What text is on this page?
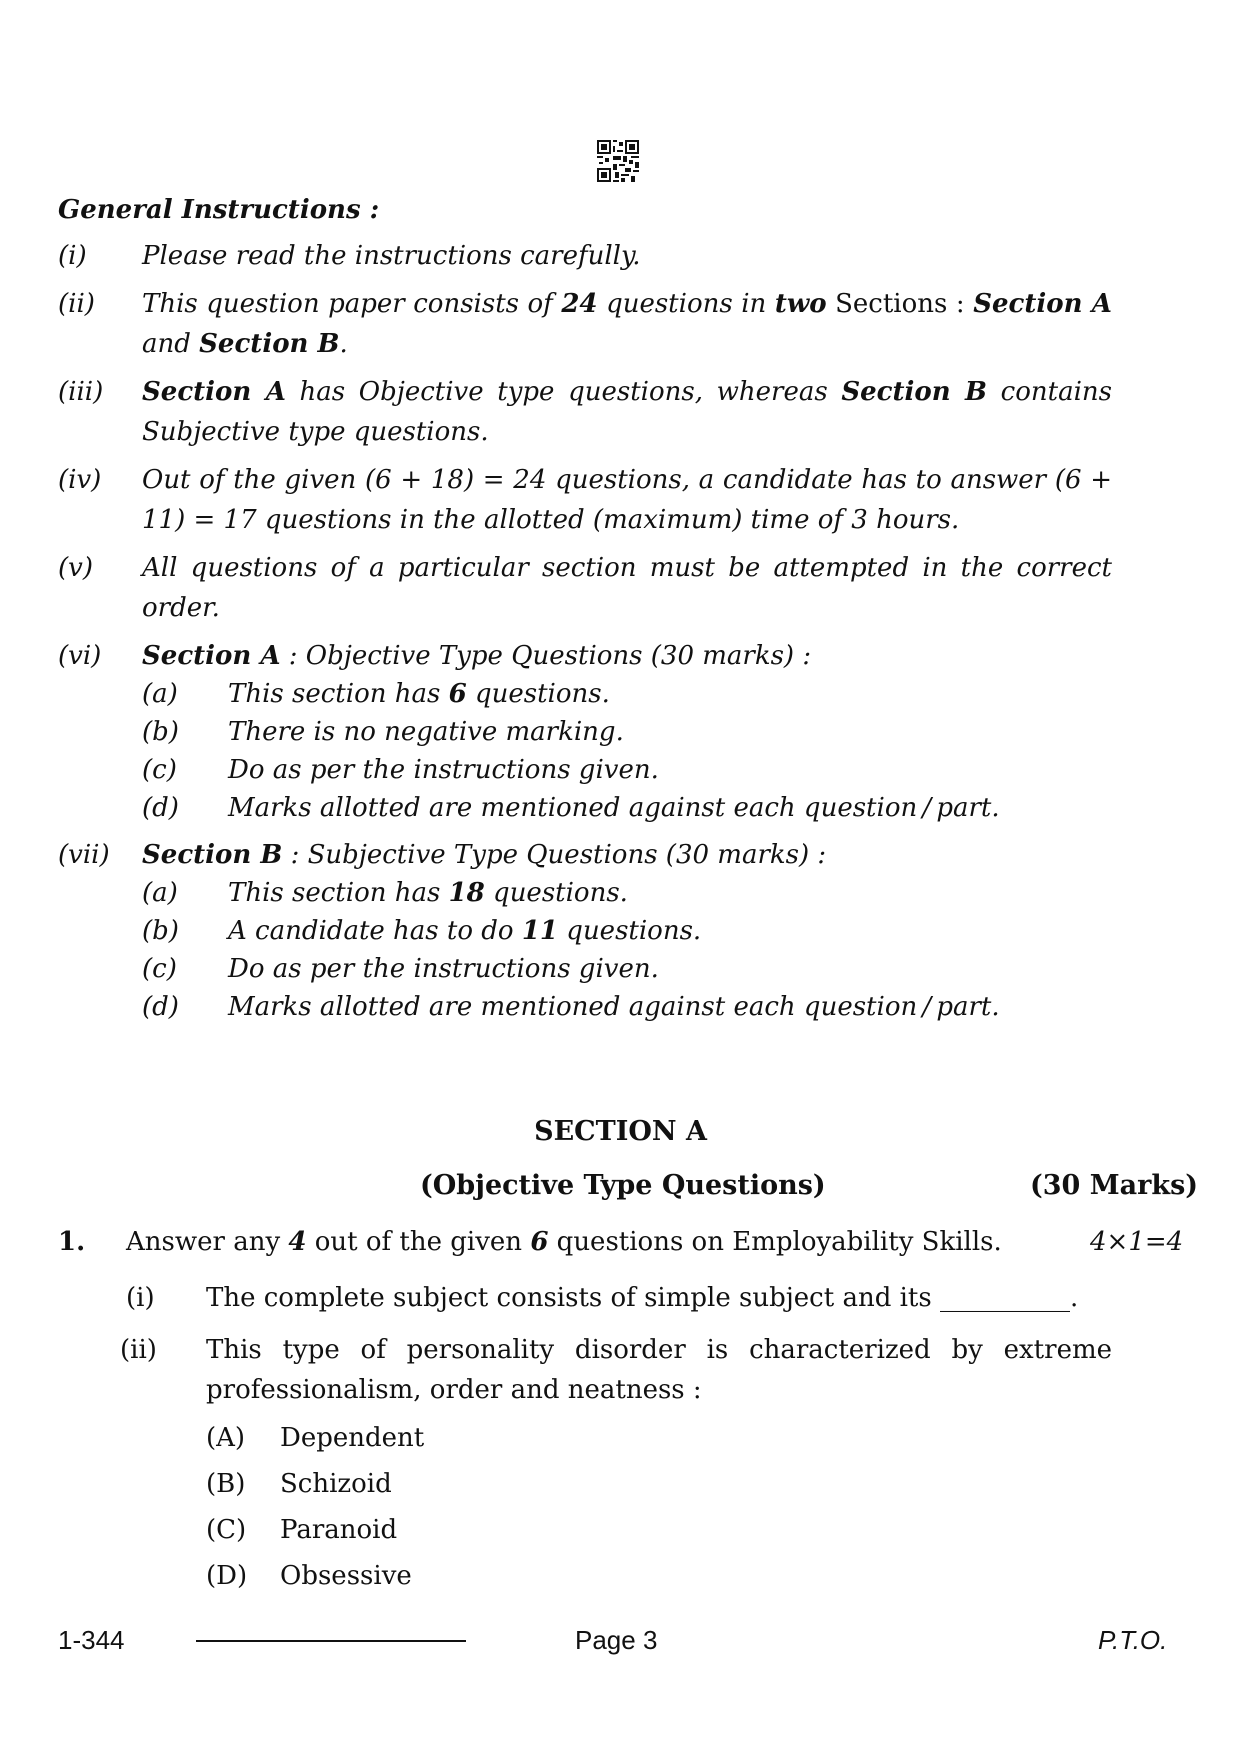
General Instructions :
(i) Please read the instructions carefully.
(ii) This question paper consists of 24 questions in two Sections : Section A and Section B.
(iii) Section A has Objective type questions, whereas Section B contains Subjective type questions.
(iv) Out of the given (6 + 18) = 24 questions, a candidate has to answer (6 + 11) = 17 questions in the allotted (maximum) time of 3 hours.
(v) All questions of a particular section must be attempted in the correct order.
(vi) Section A : Objective Type Questions (30 marks) :
(a) This section has 6 questions.
(b) There is no negative marking.
(c) Do as per the instructions given.
(d) Marks allotted are mentioned against each question / part.
(vii) Section B : Subjective Type Questions (30 marks) :
(a) This section has 18 questions.
(b) A candidate has to do 11 questions.
(c) Do as per the instructions given.
(d) Marks allotted are mentioned against each question / part.
SECTION A
(Objective Type Questions)	(30 Marks)
1. Answer any 4 out of the given 6 questions on Employability Skills.	4×1=4
(i) The complete subject consists of simple subject and its __________.
(ii) This type of personality disorder is characterized by extreme professionalism, order and neatness :
(A) Dependent
(B) Schizoid
(C) Paranoid
(D) Obsessive
1-344	Page 3	P.T.O.
